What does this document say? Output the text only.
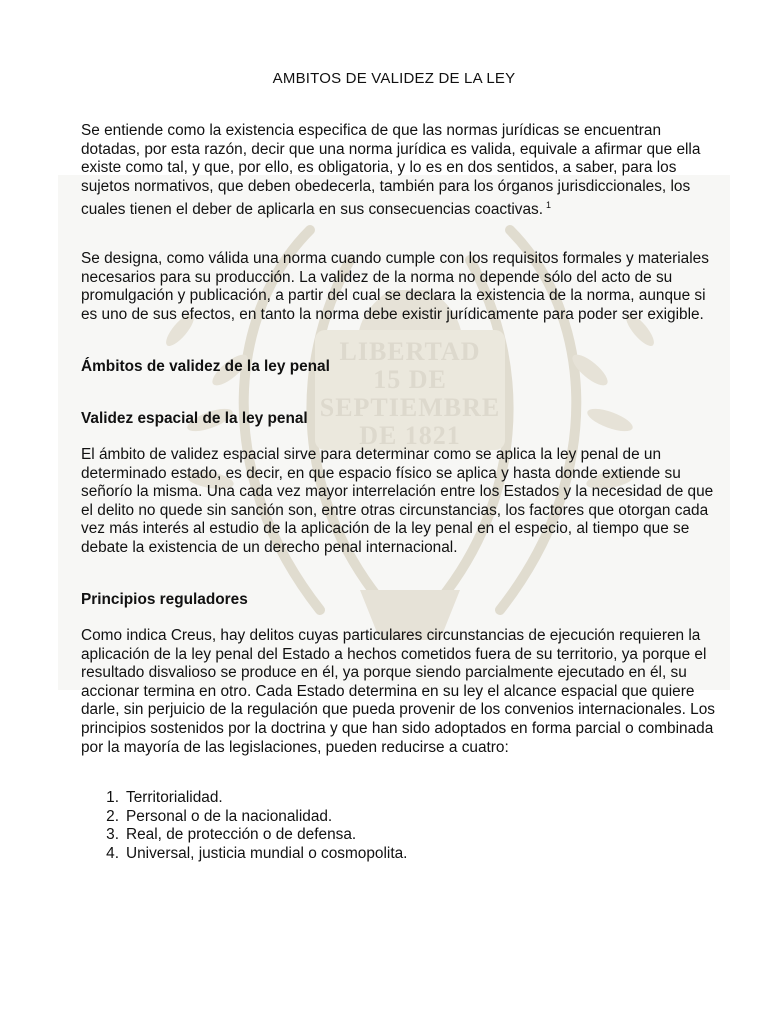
LIBERTAD
15 DE
SEPTIEMBRE
DE 1821
AMBITOS DE VALIDEZ DE LA LEY

Se entiende como la existencia especifica de que las normas jurídicas se encuentran dotadas, por esta razón, decir que una norma jurídica es valida, equivale a afirmar que ella existe como tal, y que, por ello, es obligatoria, y lo es en dos sentidos, a saber, para los sujetos normativos, que deben obedecerla, también para los órganos jurisdiccionales, los cuales tienen el deber de aplicarla en sus consecuencias coactivas. $^1$

Se designa, como válida una norma cuando cumple con los requisitos formales y materiales necesarios para su producción. La validez de la norma no depende sólo del acto de su promulgación y publicación, a partir del cual se declara la existencia de la norma, aunque si es uno de sus efectos, en tanto la norma debe existir jurídicamente para poder ser exigible.

Ámbitos de validez de la ley penal

Validez espacial de la ley penal

El ámbito de validez espacial sirve para determinar como se aplica la ley penal de un determinado estado, es decir, en que espacio físico se aplica y hasta donde extiende su señorío la misma. Una cada vez mayor interrelación entre los Estados y la necesidad de que el delito no quede sin sanción son, entre otras circunstancias, los factores que otorgan cada vez más interés al estudio de la aplicación de la ley penal en el especio, al tiempo que se debate la existencia de un derecho penal internacional.

Principios reguladores

Como indica Creus, hay delitos cuyas particulares circunstancias de ejecución requieren la aplicación de la ley penal del Estado a hechos cometidos fuera de su territorio, ya porque el resultado disvalioso se produce en él, ya porque siendo parcialmente ejecutado en él, su accionar termina en otro. Cada Estado determina en su ley el alcance espacial que quiere darle, sin perjuicio de la regulación que pueda provenir de los convenios internacionales. Los principios sostenidos por la doctrina y que han sido adoptados en forma parcial o combinada por la mayoría de las legislaciones, pueden reducirse a cuatro:

1. Territorialidad.
2. Personal o de la nacionalidad.
3. Real, de protección o de defensa.
4. Universal, justicia mundial o cosmopolita.
